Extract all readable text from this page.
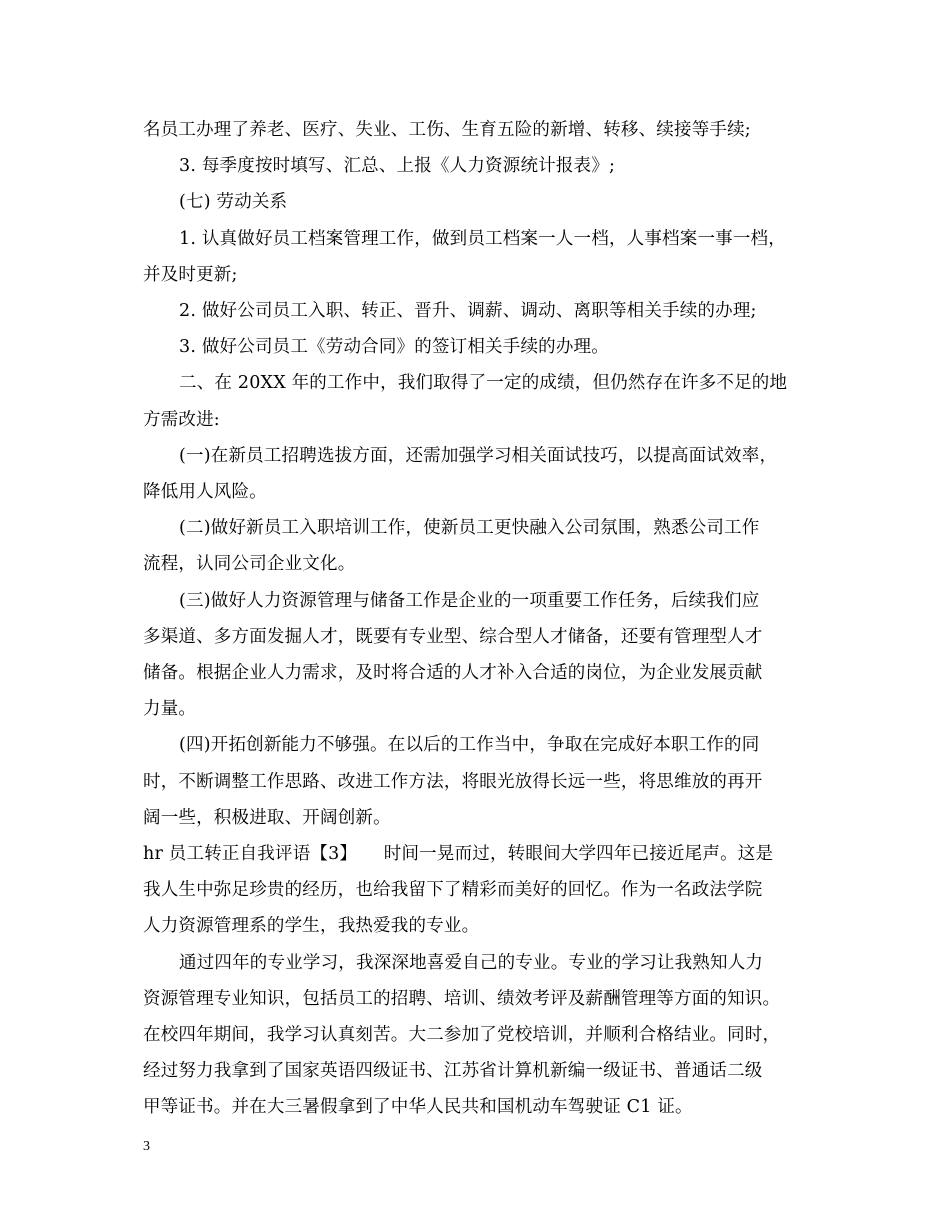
名员工办理了养老、医疗、失业、工伤、生育五险的新增、转移、续接等手续;
3. 每季度按时填写、汇总、上报《人力资源统计报表》;
(七) 劳动关系
1. 认真做好员工档案管理工作，做到员工档案一人一档，人事档案一事一档，
并及时更新;
2. 做好公司员工入职、转正、晋升、调薪、调动、离职等相关手续的办理;
3. 做好公司员工《劳动合同》的签订相关手续的办理。
二、在 20XX 年的工作中，我们取得了一定的成绩，但仍然存在许多不足的地
方需改进:
(一)在新员工招聘选拔方面，还需加强学习相关面试技巧，以提高面试效率，
降低用人风险。
(二)做好新员工入职培训工作，使新员工更快融入公司氛围，熟悉公司工作
流程，认同公司企业文化。
(三)做好人力资源管理与储备工作是企业的一项重要工作任务，后续我们应
多渠道、多方面发掘人才，既要有专业型、综合型人才储备，还要有管理型人才
储备。根据企业人力需求，及时将合适的人才补入合适的岗位，为企业发展贡献
力量。
(四)开拓创新能力不够强。在以后的工作当中，争取在完成好本职工作的同
时，不断调整工作思路、改进工作方法，将眼光放得长远一些，将思维放的再开
阔一些，积极进取、开阔创新。
hr 员工转正自我评语【3】　　时间一晃而过，转眼间大学四年已接近尾声。这是
我人生中弥足珍贵的经历，也给我留下了精彩而美好的回忆。作为一名政法学院
人力资源管理系的学生，我热爱我的专业。
通过四年的专业学习，我深深地喜爱自己的专业。专业的学习让我熟知人力
资源管理专业知识，包括员工的招聘、培训、绩效考评及薪酬管理等方面的知识。
在校四年期间，我学习认真刻苦。大二参加了党校培训，并顺利合格结业。同时，
经过努力我拿到了国家英语四级证书、江苏省计算机新编一级证书、普通话二级
甲等证书。并在大三暑假拿到了中华人民共和国机动车驾驶证 C1 证。
3
